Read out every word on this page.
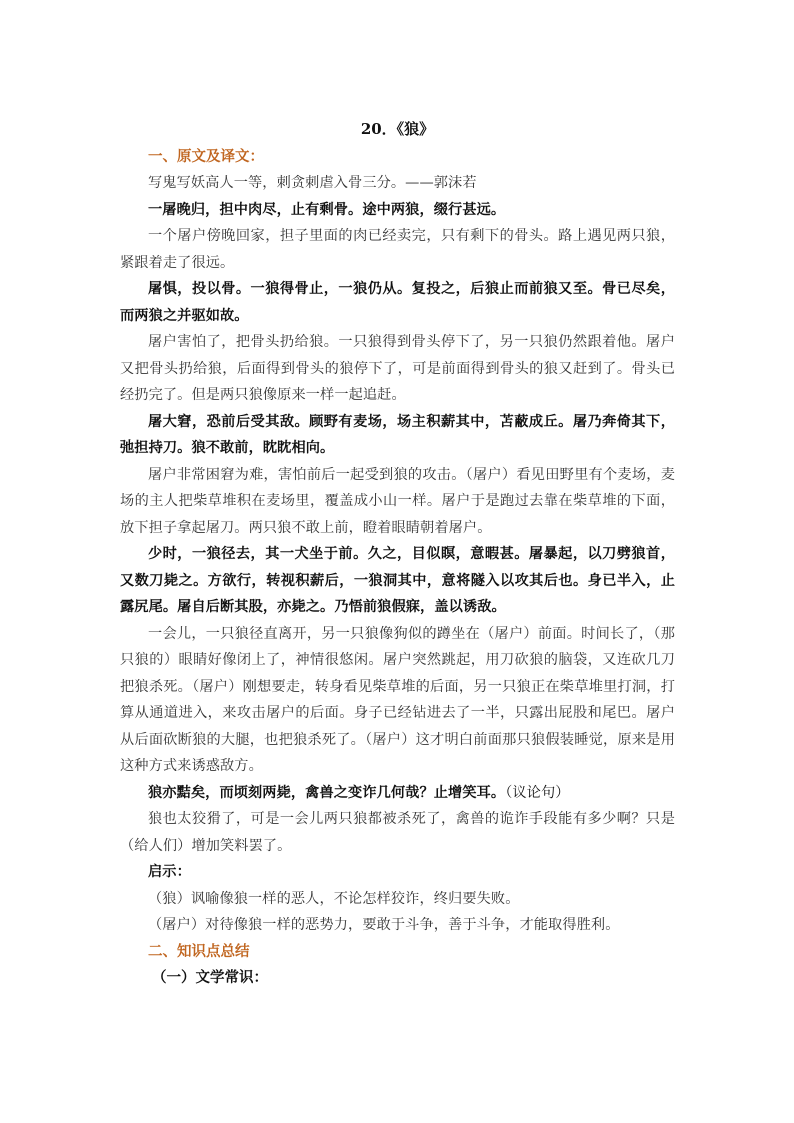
20．《狼》
一、原文及译文：

写鬼写妖高人一等，刺贪刺虐入骨三分。——郭沫若

一屠晚归，担中肉尽，止有剩骨。途中两狼，缀行甚远。

一个屠户傍晚回家，担子里面的肉已经卖完，只有剩下的骨头。路上遇见两只狼，紧跟着走了很远。

屠惧，投以骨。一狼得骨止，一狼仍从。复投之，后狼止而前狼又至。骨已尽矣，而两狼之并驱如故。

屠户害怕了，把骨头扔给狼。一只狼得到骨头停下了，另一只狼仍然跟着他。屠户又把骨头扔给狼，后面得到骨头的狼停下了，可是前面得到骨头的狼又赶到了。骨头已经扔完了。但是两只狼像原来一样一起追赶。

屠大窘，恐前后受其敌。顾野有麦场，场主积薪其中，苫蔽成丘。屠乃奔倚其下，弛担持刀。狼不敢前，眈眈相向。

屠户非常困窘为难，害怕前后一起受到狼的攻击。（屠户）看见田野里有个麦场，麦场的主人把柴草堆积在麦场里，覆盖成小山一样。屠户于是跑过去靠在柴草堆的下面，放下担子拿起屠刀。两只狼不敢上前，瞪着眼睛朝着屠户。

少时，一狼径去，其一犬坐于前。久之，目似瞑，意暇甚。屠暴起，以刀劈狼首，又数刀毙之。方欲行，转视积薪后，一狼洞其中，意将隧入以攻其后也。身已半入，止露尻尾。屠自后断其股，亦毙之。乃悟前狼假寐，盖以诱敌。

一会儿，一只狼径直离开，另一只狼像狗似的蹲坐在（屠户）前面。时间长了，（那只狼的）眼睛好像闭上了，神情很悠闲。屠户突然跳起，用刀砍狼的脑袋，又连砍几刀把狼杀死。（屠户）刚想要走，转身看见柴草堆的后面，另一只狼正在柴草堆里打洞，打算从通道进入，来攻击屠户的后面。身子已经钻进去了一半，只露出屁股和尾巴。屠户从后面砍断狼的大腿，也把狼杀死了。（屠户）这才明白前面那只狼假装睡觉，原来是用这种方式来诱惑敌方。

狼亦黠矣，而顷刻两毙，禽兽之变诈几何哉？止增笑耳。（议论句）

狼也太狡猾了，可是一会儿两只狼都被杀死了，禽兽的诡诈手段能有多少啊？只是（给人们）增加笑料罢了。

启示：

（狼）讽喻像狼一样的恶人，不论怎样狡诈，终归要失败。

（屠户）对待像狼一样的恶势力，要敢于斗争，善于斗争，才能取得胜利。

二、知识点总结
（一）文学常识：
